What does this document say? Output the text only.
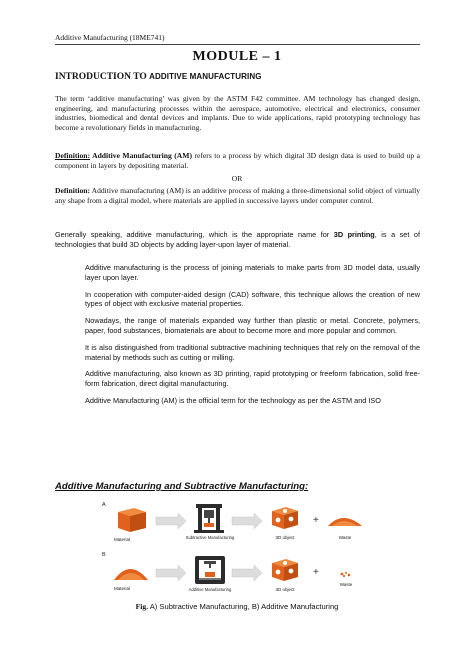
Additive Manufacturing (18ME741)
MODULE – 1
INTRODUCTION TO ADDITIVE MANUFACTURING
The term ‘additive manufacturing’ was given by the ASTM F42 committee. AM technology has changed design, engineering, and manufacturing processes within the aerospace, automotive, electrical and electronics, consumer industries, biomedical and dental devices and implants. Due to wide applications, rapid prototyping technology has become a revolutionary fields in manufacturing.
Definition: Additive Manufacturing (AM) refers to a process by which digital 3D design data is used to build up a component in layers by depositing material.
OR
Definition: Additive manufacturing (AM) is an additive process of making a three-dimensional solid object of virtually any shape from a digital model, where materials are applied in successive layers under computer control.
Generally speaking, additive manufacturing, which is the appropriate name for 3D printing, is a set of technologies that build 3D objects by adding layer-upon layer of material.
Additive manufacturing is the process of joining materials to make parts from 3D model data, usually layer upon layer.
In cooperation with computer-aided design (CAD) software, this technique allows the creation of new types of object with exclusive material properties.
Nowadays, the range of materials expanded way further than plastic or metal. Concrete, polymers, paper, food substances, biomaterials are about to become more and more popular and common.
It is also distinguished from traditional subtractive machining techniques that rely on the removal of the material by methods such as cutting or milling.
Additive manufacturing, also known as 3D printing, rapid prototyping or freeform fabrication, solid free-form fabrication, direct digital manufacturing.
Additive Manufacturing (AM) is the official term for the technology as per the ASTM and ISO
Additive Manufacturing and Subtractive Manufacturing:
A
Material	Subtractive Manufacturing	3D object
+
Waste
B
Material	Additive Manufacturing	3D object
+
Waste
Fig. A) Subtractive Manufacturing, B) Additive Manufacturing
